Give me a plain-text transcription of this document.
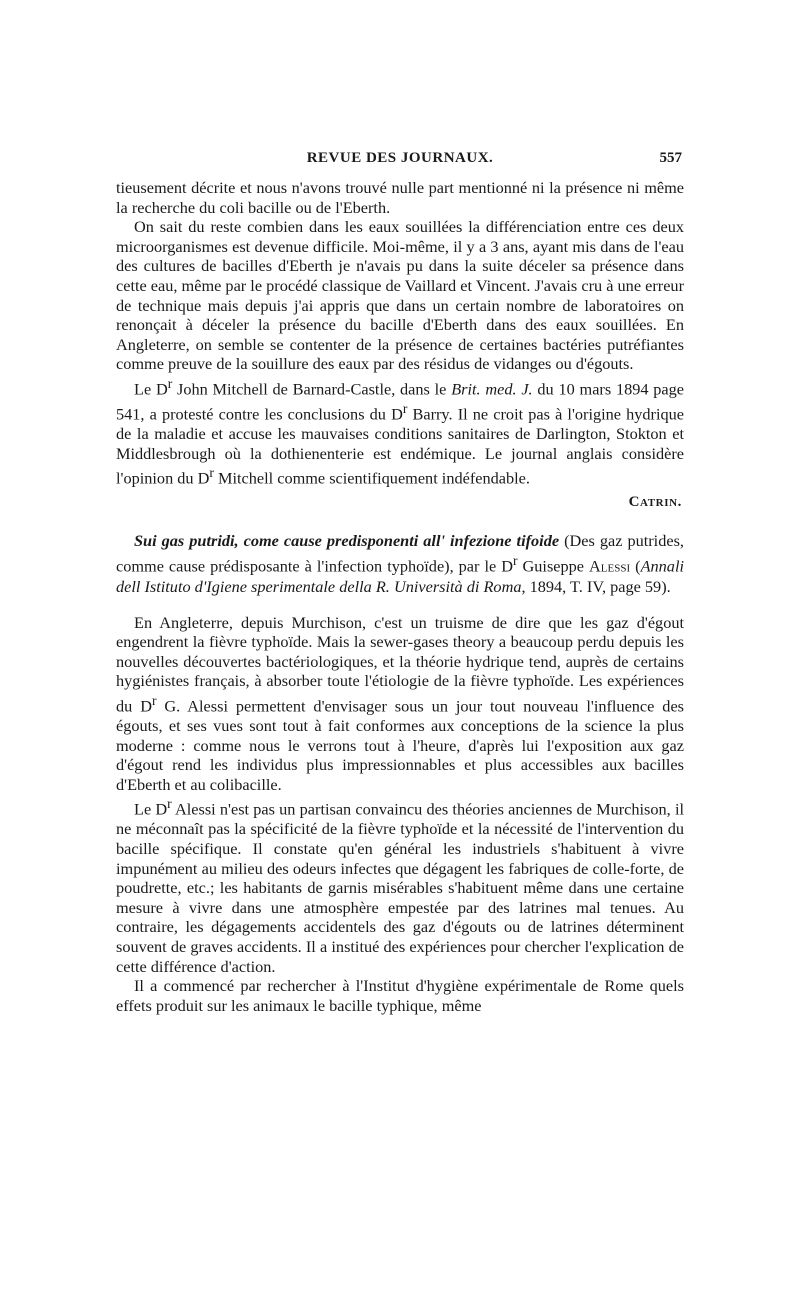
REVUE DES JOURNAUX.	557

tieusement décrite et nous n'avons trouvé nulle part mentionné ni la présence ni même la recherche du coli bacille ou de l'Eberth.

On sait du reste combien dans les eaux souillées la différenciation entre ces deux microorganismes est devenue difficile. Moi-même, il y a 3 ans, ayant mis dans de l'eau des cultures de bacilles d'Eberth je n'avais pu dans la suite déceler sa présence dans cette eau, même par le procédé classique de Vaillard et Vincent. J'avais cru à une erreur de technique mais depuis j'ai appris que dans un certain nombre de laboratoires on renonçait à déceler la présence du bacille d'Eberth dans des eaux souillées. En Angleterre, on semble se contenter de la présence de certaines bactéries putréfiantes comme preuve de la souillure des eaux par des résidus de vidanges ou d'égouts.

Le $D^r$ John Mitchell de Barnard-Castle, dans le Brit. med. J. du 10 mars 1894 page 541, a protesté contre les conclusions du $D^r$ Barry. Il ne croit pas à l'origine hydrique de la maladie et accuse les mauvaises conditions sanitaires de Darlington, Stokton et Middlesbrough où la dothienenterie est endémique. Le journal anglais considère l'opinion du $D^r$ Mitchell comme scientifiquement indéfendable.

Catrin.

Sui gas putridi, come cause predisponenti all' infezione tifoide (Des gaz putrides, comme cause prédisposante à l'infection typhoïde), par le $D^r$ Guiseppe Alessi (Annali dell Istituto d'Igiene sperimentale della R. Università di Roma, 1894, T. IV, page 59).

En Angleterre, depuis Murchison, c'est un truisme de dire que les gaz d'égout engendrent la fièvre typhoïde. Mais la sewer-gases theory a beaucoup perdu depuis les nouvelles découvertes bactériologiques, et la théorie hydrique tend, auprès de certains hygiénistes français, à absorber toute l'étiologie de la fièvre typhoïde. Les expériences du $D^r$ G. Alessi permettent d'envisager sous un jour tout nouveau l'influence des égouts, et ses vues sont tout à fait conformes aux conceptions de la science la plus moderne : comme nous le verrons tout à l'heure, d'après lui l'exposition aux gaz d'égout rend les individus plus impressionnables et plus accessibles aux bacilles d'Eberth et au colibacille.

Le $D^r$ Alessi n'est pas un partisan convaincu des théories anciennes de Murchison, il ne méconnaît pas la spécificité de la fièvre typhoïde et la nécessité de l'intervention du bacille spécifique. Il constate qu'en général les industriels s'habituent à vivre impunément au milieu des odeurs infectes que dégagent les fabriques de colle-forte, de poudrette, etc.; les habitants de garnis misérables s'habituent même dans une certaine mesure à vivre dans une atmosphère empestée par des latrines mal tenues. Au contraire, les dégagements accidentels des gaz d'égouts ou de latrines déterminent souvent de graves accidents. Il a institué des expériences pour chercher l'explication de cette différence d'action.

Il a commencé par rechercher à l'Institut d'hygiène expérimentale de Rome quels effets produit sur les animaux le bacille typhique, même
